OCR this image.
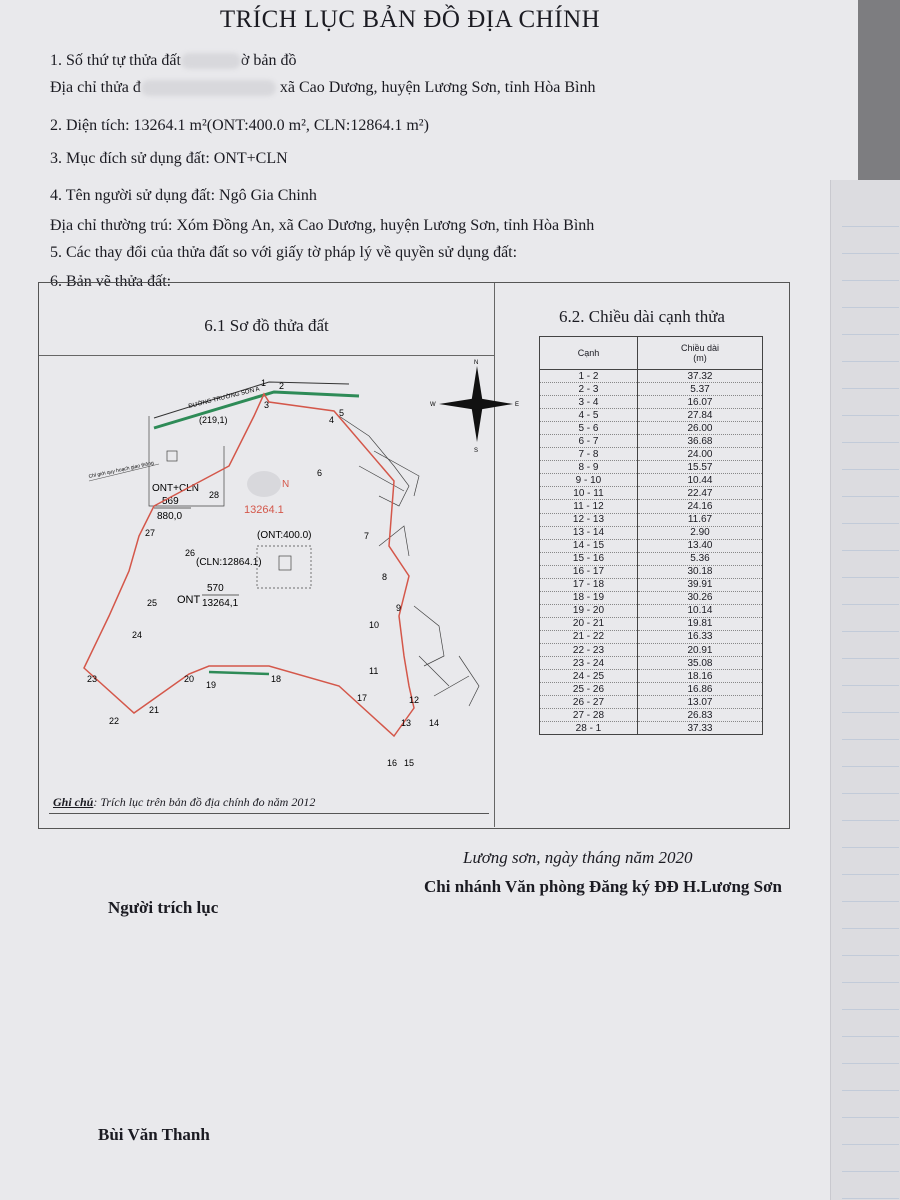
TRÍCH LỤC BẢN ĐỒ ĐỊA CHÍNH
1. Số thứ tự thửa đất	ờ bản đồ
Địa chỉ thửa đ	xã Cao Dương, huyện Lương Sơn, tỉnh Hòa Bình
2. Diện tích: 13264.1 m²(ONT:400.0 m², CLN:12864.1 m²)
3. Mục đích sử dụng đất: ONT+CLN
4. Tên người sử dụng đất: Ngô Gia Chinh
Địa chỉ thường trú: Xóm Đồng An, xã Cao Dương, huyện Lương Sơn, tỉnh Hòa Bình
5. Các thay đổi của thửa đất so với giấy tờ pháp lý về quyền sử dụng đất:
6. Bản vẽ thửa đất:
6.1 Sơ đồ thửa đất	6.2. Chiều dài cạnh thửa
ĐƯỜNG TRƯỜNG SƠN A
(219,1)
Chỉ giới quy hoạch giao thông
ONT+CLN
569
880,0
N
13264.1
(ONT:400.0)
(CLN:12864.1)
ONT
570
13264,1
N
S
W	E
1 2
3
4
5
6
7
8
9
10
11
12
13 14
15
16
17
18
19
20
21
22
23
24
25
26
27
28
Ghi chú: Trích lục trên bản đồ địa chính đo năm 2012
Cạnh	Chiều dài
(m)
1 - 2	37.32
2 - 3	5.37
3 - 4	16.07
4 - 5	27.84
5 - 6	26.00
6 - 7	36.68
7 - 8	24.00
8 - 9	15.57
9 - 10	10.44
10 - 11	22.47
11 - 12	24.16
12 - 13	11.67
13 - 14	2.90
14 - 15	13.40
15 - 16	5.36
16 - 17	30.18
17 - 18	39.91
18 - 19	30.26
19 - 20	10.14
20 - 21	19.81
21 - 22	16.33
22 - 23	20.91
23 - 24	35.08
24 - 25	18.16
25 - 26	16.86
26 - 27	13.07
27 - 28	26.83
28 - 1	37.33
Lương sơn, ngày tháng năm 2020
Người trích lục
Chi nhánh Văn phòng Đăng ký ĐĐ H.Lương Sơn
Bùi Văn Thanh
